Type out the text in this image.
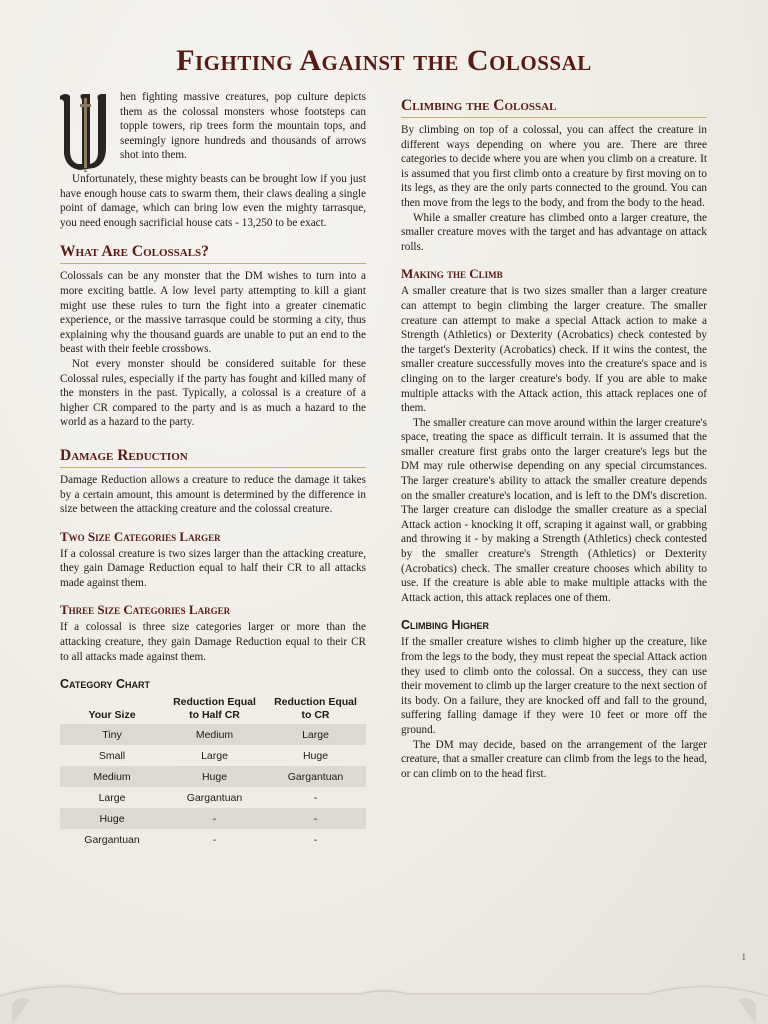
Fighting Against the Colossal

hen fighting massive creatures, pop culture depicts them as the colossal monsters whose footsteps can topple towers, rip trees form the mountain tops, and seemingly ignore hundreds and thousands of arrows shot into them.

Unfortunately, these mighty beasts can be brought low if you just have enough house cats to swarm them, their claws dealing a single point of damage, which can bring low even the mighty tarrasque, you need enough sacrificial house cats - 13,250 to be exact.

What Are Colossals?

Colossals can be any monster that the DM wishes to turn into a more exciting battle. A low level party attempting to kill a giant might use these rules to turn the fight into a greater cinematic experience, or the massive tarrasque could be storming a city, thus explaining why the thousand guards are unable to put an end to the beast with their feeble crossbows.

Not every monster should be considered suitable for these Colossal rules, especially if the party has fought and killed many of the monsters in the past. Typically, a colossal is a creature of a higher CR compared to the party and is as much a hazard to the world as a hazard to the party.

Damage Reduction

Damage Reduction allows a creature to reduce the damage it takes by a certain amount, this amount is determined by the difference in size between the attacking creature and the colossal creature.

Two Size Categories Larger

If a colossal creature is two sizes larger than the attacking creature, they gain Damage Reduction equal to half their CR to all attacks made against them.

Three Size Categories Larger

If a colossal is three size categories larger or more than the attacking creature, they gain Damage Reduction equal to their CR to all attacks made against them.

Category Chart
Your Size	Reduction Equal to Half CR	Reduction Equal to CR
Tiny	Medium	Large
Small	Large	Huge
Medium	Huge	Gargantuan
Large	Gargantuan	-
Huge	-	-
Gargantuan	-	-
Climbing the Colossal

By climbing on top of a colossal, you can affect the creature in different ways depending on where you are. There are three categories to decide where you are when you climb on a creature. It is assumed that you first climb onto a creature by first moving on to its legs, as they are the only parts connected to the ground. You can then move from the legs to the body, and from the body to the head.

While a smaller creature has climbed onto a larger creature, the smaller creature moves with the target and has advantage on attack rolls.

Making the Climb

A smaller creature that is two sizes smaller than a larger creature can attempt to begin climbing the larger creature. The smaller creature can attempt to make a special Attack action to make a Strength (Athletics) or Dexterity (Acrobatics) check contested by the target's Dexterity (Acrobatics) check. If it wins the contest, the smaller creature successfully moves into the creature's space and is clinging on to the larger creature's body. If you are able to make multiple attacks with the Attack action, this attack replaces one of them.

The smaller creature can move around within the larger creature's space, treating the space as difficult terrain. It is assumed that the smaller creature first grabs onto the larger creature's legs but the DM may rule otherwise depending on any special circumstances. The larger creature's ability to attack the smaller creature depends on the smaller creature's location, and is left to the DM's discretion. The larger creature can dislodge the smaller creature as a special Attack action - knocking it off, scraping it against wall, or grabbing and throwing it - by making a Strength (Athletics) check contested by the smaller creature's Strength (Athletics) or Dexterity (Acrobatics) check. The smaller creature chooses which ability to use. If the creature is able able to make multiple attacks with the Attack action, this attack replaces one of them.

Climbing Higher

If the smaller creature wishes to climb higher up the creature, like from the legs to the body, they must repeat the special Attack action they used to climb onto the colossal. On a success, they can use their movement to climb up the larger creature to the next section of its body. On a failure, they are knocked off and fall to the ground, suffering falling damage if they were 10 feet or more off the ground.

The DM may decide, based on the arrangement of the larger creature, that a smaller creature can climb from the legs to the head, or can climb on to the head first.

1
